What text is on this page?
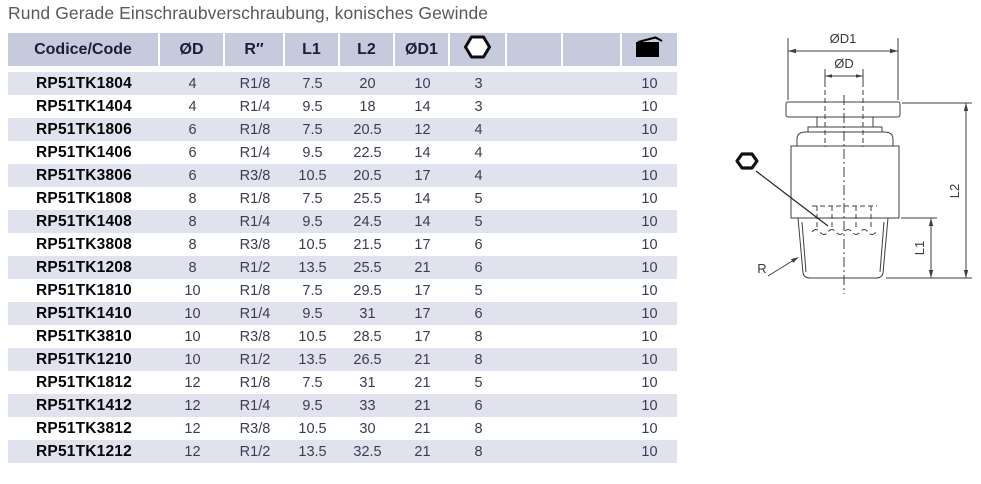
Rund Gerade Einschraubverschraubung, konisches Gewinde
Codice/Code	ØD	R″	L1	L2	ØD1
RP51TK1804	4	R1/8	7.5	20	10	3	10
RP51TK1404	4	R1/4	9.5	18	14	3	10
RP51TK1806	6	R1/8	7.5	20.5	12	4	10
RP51TK1406	6	R1/4	9.5	22.5	14	4	10
RP51TK3806	6	R3/8	10.5	20.5	17	4	10
RP51TK1808	8	R1/8	7.5	25.5	14	5	10
RP51TK1408	8	R1/4	9.5	24.5	14	5	10
RP51TK3808	8	R3/8	10.5	21.5	17	6	10
RP51TK1208	8	R1/2	13.5	25.5	21	6	10
RP51TK1810	10	R1/8	7.5	29.5	17	5	10
RP51TK1410	10	R1/4	9.5	31	17	6	10
RP51TK3810	10	R3/8	10.5	28.5	17	8	10
RP51TK1210	10	R1/2	13.5	26.5	21	8	10
RP51TK1812	12	R1/8	7.5	31	21	5	10
RP51TK1412	12	R1/4	9.5	33	21	6	10
RP51TK3812	12	R3/8	10.5	30	21	8	10
RP51TK1212	12	R1/2	13.5	32.5	21	8	10
ØD1
ØD
L2
L1
R
